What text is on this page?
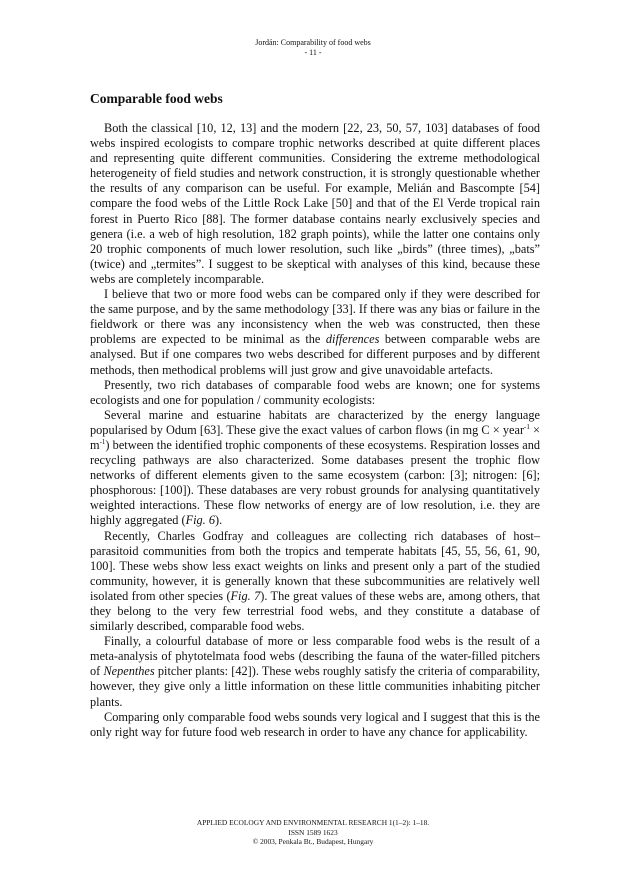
Jordán: Comparability of food webs
- 11 -
Comparable food webs

Both the classical [10, 12, 13] and the modern [22, 23, 50, 57, 103] databases of food webs inspired ecologists to compare trophic networks described at quite different places and representing quite different communities. Considering the extreme methodological heterogeneity of field studies and network construction, it is strongly questionable whether the results of any comparison can be useful. For example, Melián and Bascompte [54] compare the food webs of the Little Rock Lake [50] and that of the El Verde tropical rain forest in Puerto Rico [88]. The former database contains nearly exclusively species and genera (i.e. a web of high resolution, 182 graph points), while the latter one contains only 20 trophic components of much lower resolution, such like „birds” (three times), „bats” (twice) and „termites”. I suggest to be skeptical with analyses of this kind, because these webs are completely incomparable.

I believe that two or more food webs can be compared only if they were described for the same purpose, and by the same methodology [33]. If there was any bias or failure in the fieldwork or there was any inconsistency when the web was constructed, then these problems are expected to be minimal as the differences between comparable webs are analysed. But if one compares two webs described for different purposes and by different methods, then methodical problems will just grow and give unavoidable artefacts.

Presently, two rich databases of comparable food webs are known; one for systems ecologists and one for population / community ecologists:

Several marine and estuarine habitats are characterized by the energy language popularised by Odum [63]. These give the exact values of carbon flows (in mg C × year$^{-1}$ × $m^{-1}$) between the identified trophic components of these ecosystems. Respiration losses and recycling pathways are also characterized. Some databases present the trophic flow networks of different elements given to the same ecosystem (carbon: [3]; nitrogen: [6]; phosphorous: [100]). These databases are very robust grounds for analysing quantitatively weighted interactions. These flow networks of energy are of low resolution, i.e. they are highly aggregated (Fig. 6).

Recently, Charles Godfray and colleagues are collecting rich databases of host–parasitoid communities from both the tropics and temperate habitats [45, 55, 56, 61, 90, 100]. These webs show less exact weights on links and present only a part of the studied community, however, it is generally known that these subcommunities are relatively well isolated from other species (Fig. 7). The great values of these webs are, among others, that they belong to the very few terrestrial food webs, and they constitute a database of similarly described, comparable food webs.

Finally, a colourful database of more or less comparable food webs is the result of a meta-analysis of phytotelmata food webs (describing the fauna of the water-filled pitchers of Nepenthes pitcher plants: [42]). These webs roughly satisfy the criteria of comparability, however, they give only a little information on these little communities inhabiting pitcher plants.

Comparing only comparable food webs sounds very logical and I suggest that this is the only right way for future food web research in order to have any chance for applicability.

APPLIED ECOLOGY AND ENVIRONMENTAL RESEARCH 1(1–2): 1–18.
ISSN 1589 1623
© 2003, Penkala Bt., Budapest, Hungary
